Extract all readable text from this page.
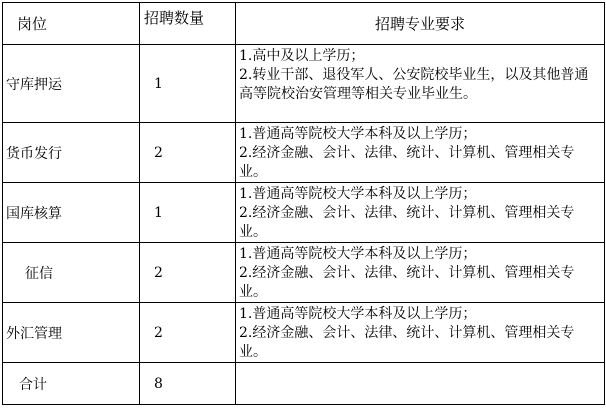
岗位	招聘数量	招聘专业要求
守库押运	1	1.高中及以上学历；
2.转业干部、退役军人、公安院校毕业生，以及其他普通高等院校治安管理等相关专业毕业生。

货币发行	2	1.普通高等院校大学本科及以上学历；
2.经济金融、会计、法律、统计、计算机、管理相关专业。

国库核算	1	1.普通高等院校大学本科及以上学历；
2.经济金融、会计、法律、统计、计算机、管理相关专业。

征信	2	1.普通高等院校大学本科及以上学历；
2.经济金融、会计、法律、统计、计算机、管理相关专业。

外汇管理	2	1.普通高等院校大学本科及以上学历；
2.经济金融、会计、法律、统计、计算机、管理相关专业。

合计	8	
